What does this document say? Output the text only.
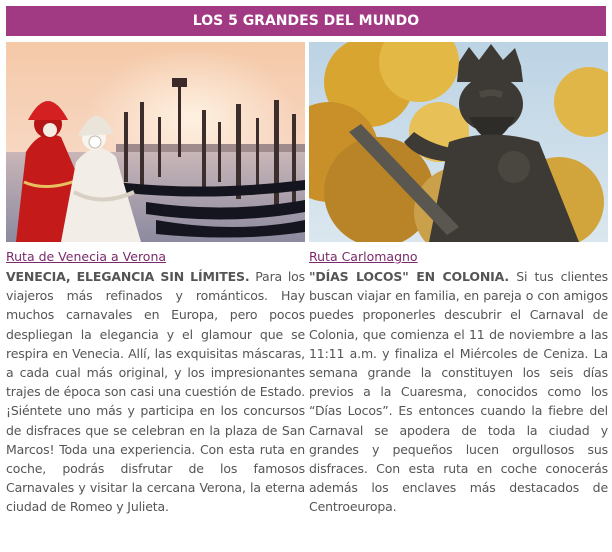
LOS 5 GRANDES DEL MUNDO
Ruta de Venecia a Verona

VENECIA, ELEGANCIA SIN LÍMITES. Para los viajeros más refinados y románticos. Hay muchos carnavales en Europa, pero pocos despliegan la elegancia y el glamour que se respira en Venecia. Allí, las exquisitas máscaras, a cada cual más original, y los impresionantes trajes de época son casi una cuestión de Estado. ¡Siéntete uno más y participa en los concursos de disfraces que se celebran en la plaza de San Marcos! Toda una experiencia. Con esta ruta en coche, podrás disfrutar de los famosos Carnavales y visitar la cercana Verona, la eterna ciudad de Romeo y Julieta.

Ruta Carlomagno

"DÍAS LOCOS" EN COLONIA. Si tus clientes buscan viajar en familia, en pareja o con amigos puedes proponerles descubrir el Carnaval de Colonia, que comienza el 11 de noviembre a las 11:11 a.m. y finaliza el Miércoles de Ceniza. La semana grande la constituyen los seis días previos a la Cuaresma, conocidos como los “Días Locos”. Es entonces cuando la fiebre del Carnaval se apodera de toda la ciudad y grandes y pequeños lucen orgullosos sus disfraces. Con esta ruta en coche conocerás además los enclaves más destacados de Centroeuropa.
